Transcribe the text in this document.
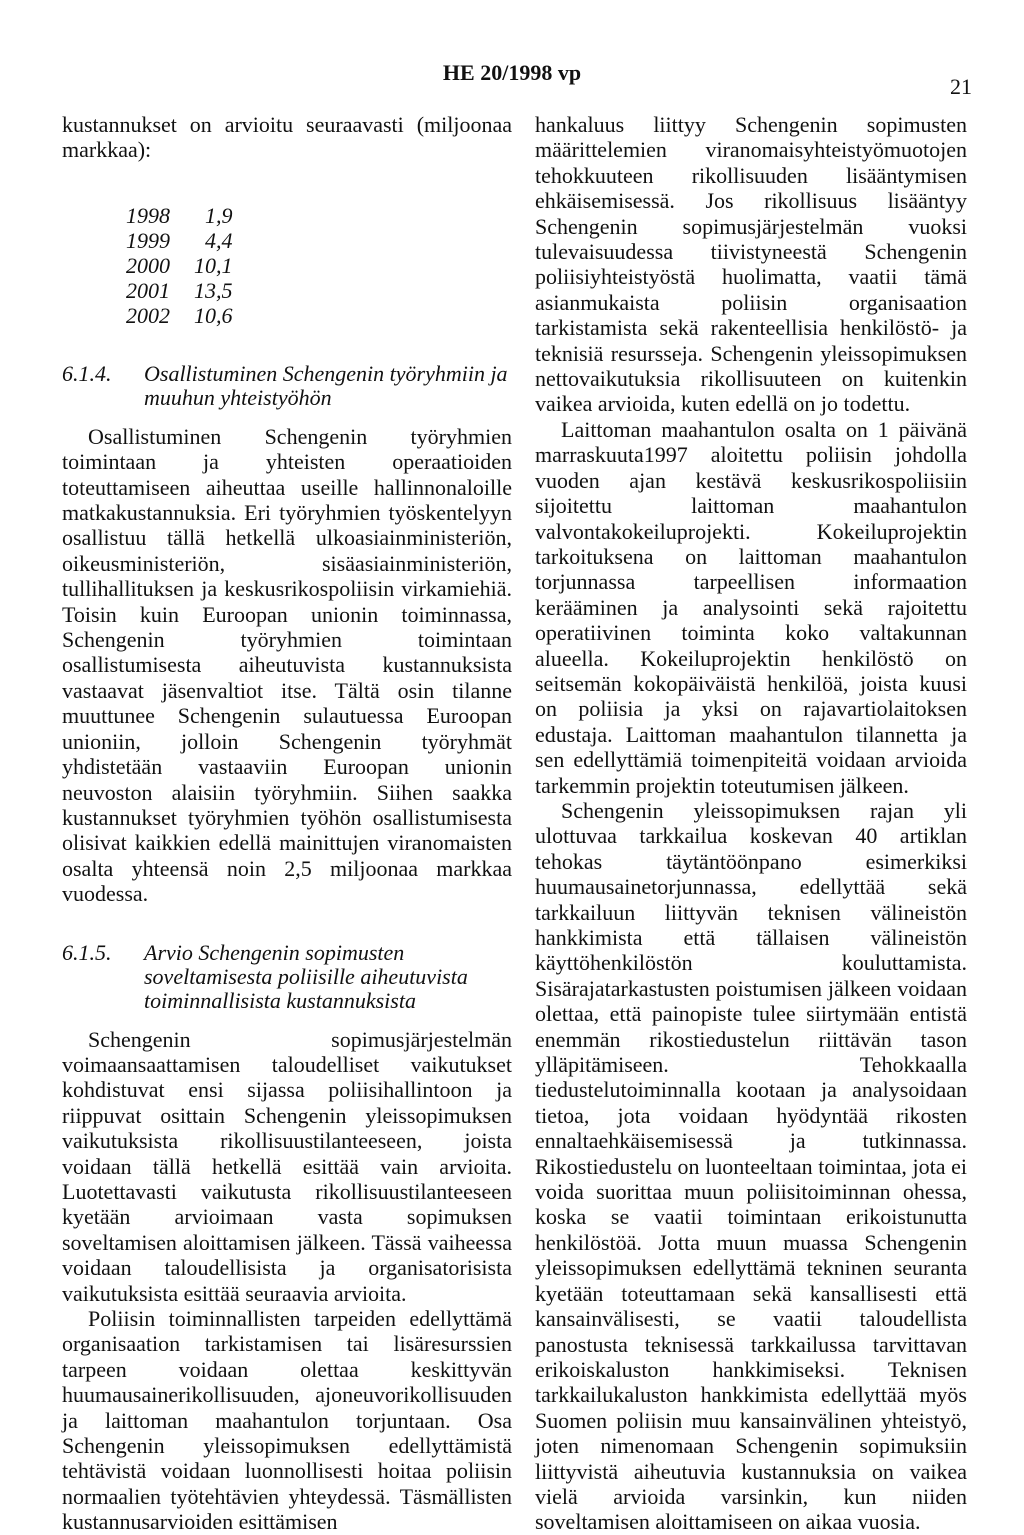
HE 20/1998 vp
21

kustannukset on arvioitu seuraavasti (miljoonaa markkaa):

1998	1,9
1999	4,4
2000	10,1
2001	13,5
2002	10,6
6.1.4.	Osallistuminen Schengenin työryhmiin ja muuhun yhteistyöhön

Osallistuminen Schengenin työryhmien toimintaan ja yhteisten operaatioiden toteuttamiseen aiheuttaa useille hallinnonaloille matkakustannuksia. Eri työryhmien työskentelyyn osallistuu tällä hetkellä ulkoasiainministeriön, oikeusministeriön, sisäasiainministeriön, tullihallituksen ja keskusrikospoliisin virkamiehiä. Toisin kuin Euroopan unionin toiminnassa, Schengenin työryhmien toimintaan osallistumisesta aiheutuvista kustannuksista vastaavat jäsenvaltiot itse. Tältä osin tilanne muuttunee Schengenin sulautuessa Euroopan unioniin, jolloin Schengenin työryhmät yhdistetään vastaaviin Euroopan unionin neuvoston alaisiin työryhmiin. Siihen saakka kustannukset työryhmien työhön osallistumisesta olisivat kaikkien edellä mainittujen viranomaisten osalta yhteensä noin 2,5 miljoonaa markkaa vuodessa.

6.1.5.	Arvio Schengenin sopimusten soveltamisesta poliisille aiheutuvista toiminnallisista kustannuksista

Schengenin sopimusjärjestelmän voimaansaattamisen taloudelliset vaikutukset kohdistuvat ensi sijassa poliisihallintoon ja riippuvat osittain Schengenin yleissopimuksen vaikutuksista rikollisuustilanteeseen, joista voidaan tällä hetkellä esittää vain arvioita. Luotettavasti vaikutusta rikollisuustilanteeseen kyetään arvioimaan vasta sopimuksen soveltamisen aloittamisen jälkeen. Tässä vaiheessa voidaan taloudellisista ja organisatorisista vaikutuksista esittää seuraavia arvioita.

Poliisin toiminnallisten tarpeiden edellyttämä organisaation tarkistamisen tai lisäresurssien tarpeen voidaan olettaa keskittyvän huumausainerikollisuuden, ajoneuvorikollisuuden ja laittoman maahantulon torjuntaan. Osa Schengenin yleissopimuksen edellyttämistä tehtävistä voidaan luonnollisesti hoitaa poliisin normaalien työtehtävien yhteydessä. Täsmällisten kustannusarvioiden esittämisen

hankaluus liittyy Schengenin sopimusten määrittelemien viranomaisyhteistyömuotojen tehokkuuteen rikollisuuden lisääntymisen ehkäisemisessä. Jos rikollisuus lisääntyy Schengenin sopimusjärjestelmän vuoksi tulevaisuudessa tiivistyneestä Schengenin poliisiyhteistyöstä huolimatta, vaatii tämä asianmukaista poliisin organisaation tarkistamista sekä rakenteellisia henkilöstö- ja teknisiä resursseja. Schengenin yleissopimuksen nettovaikutuksia rikollisuuteen on kuitenkin vaikea arvioida, kuten edellä on jo todettu.

Laittoman maahantulon osalta on 1 päivänä marraskuuta1997 aloitettu poliisin johdolla vuoden ajan kestävä keskusrikospoliisiin sijoitettu laittoman maahantulon valvontakokeiluprojekti. Kokeiluprojektin tarkoituksena on laittoman maahantulon torjunnassa tarpeellisen informaation kerääminen ja analysointi sekä rajoitettu operatiivinen toiminta koko valtakunnan alueella. Kokeiluprojektin henkilöstö on seitsemän kokopäiväistä henkilöä, joista kuusi on poliisia ja yksi on rajavartiolaitoksen edustaja. Laittoman maahantulon tilannetta ja sen edellyttämiä toimenpiteitä voidaan arvioida tarkemmin projektin toteutumisen jälkeen.

Schengenin yleissopimuksen rajan yli ulottuvaa tarkkailua koskevan 40 artiklan tehokas täytäntöönpano esimerkiksi huumausainetorjunnassa, edellyttää sekä tarkkailuun liittyvän teknisen välineistön hankkimista että tällaisen välineistön käyttöhenkilöstön kouluttamista. Sisärajatarkastusten poistumisen jälkeen voidaan olettaa, että painopiste tulee siirtymään entistä enemmän rikostiedustelun riittävän tason ylläpitämiseen. Tehokkaalla tiedustelutoiminnalla kootaan ja analysoidaan tietoa, jota voidaan hyödyntää rikosten ennaltaehkäisemisessä ja tutkinnassa. Rikostiedustelu on luonteeltaan toimintaa, jota ei voida suorittaa muun poliisitoiminnan ohessa, koska se vaatii toimintaan erikoistunutta henkilöstöä. Jotta muun muassa Schengenin yleissopimuksen edellyttämä tekninen seuranta kyetään toteuttamaan sekä kansallisesti että kansainvälisesti, se vaatii taloudellista panostusta teknisessä tarkkailussa tarvittavan erikoiskaluston hankkimiseksi. Teknisen tarkkailukaluston hankkimista edellyttää myös Suomen poliisin muu kansainvälinen yhteistyö, joten nimenomaan Schengenin sopimuksiin liittyvistä aiheutuvia kustannuksia on vaikea vielä arvioida varsinkin, kun niiden soveltamisen aloittamiseen on aikaa vuosia.
